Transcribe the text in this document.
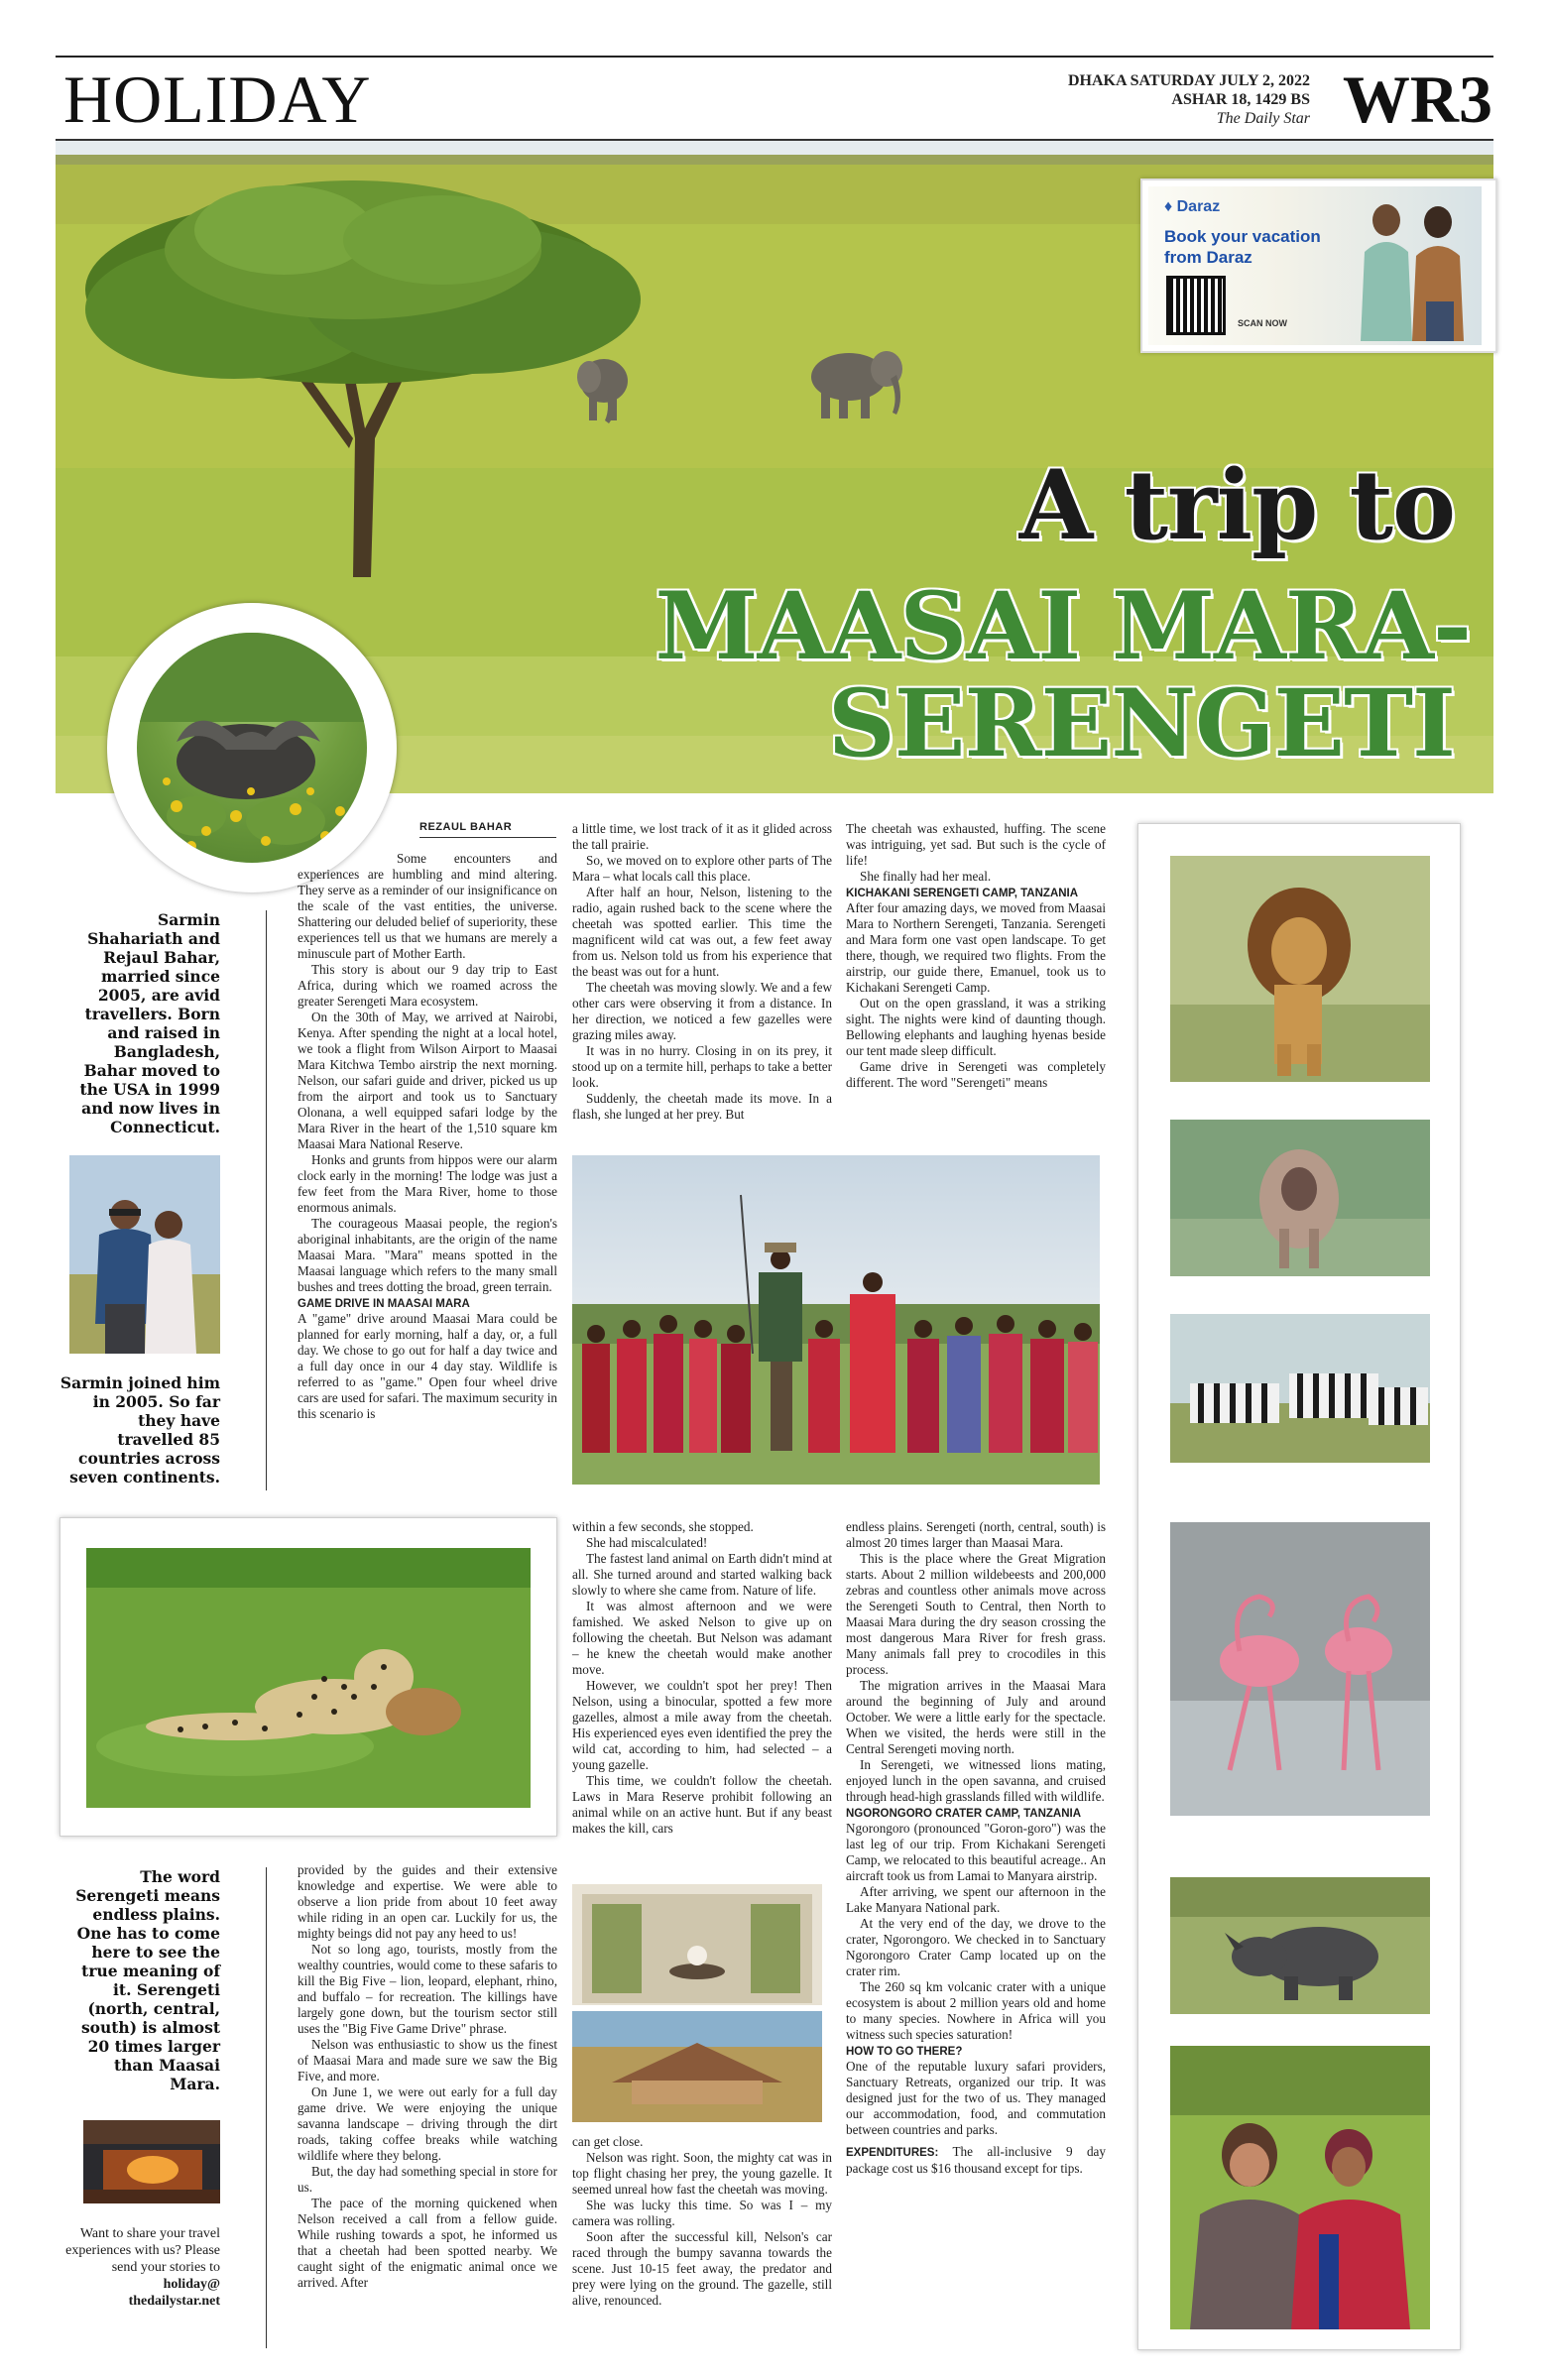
HOLIDAY	DHAKA SATURDAY JULY 2, 2022
ASHAR 18, 1429 BS
The Daily Star WR3
♦ Daraz
Book your vacation
from Daraz
SCAN NOW
A trip to
MAASAI MARA-
SERENGETI
REZAUL BAHAR
Sarmin Shahariath and Rejaul Bahar, married since 2005, are avid travellers. Born and raised in Bangladesh, Bahar moved to the USA in 1999 and now lives in Connecticut.
Sarmin joined him in 2005. So far they have travelled 85 countries across seven continents.

Some encounters and experiences are humbling and mind altering. They serve as a reminder of our insignificance on the scale of the vast entities, the universe. Shattering our deluded belief of superiority, these experiences tell us that we humans are merely a minuscule part of Mother Earth.

This story is about our 9 day trip to East Africa, during which we roamed across the greater Serengeti Mara ecosystem.

On the 30th of May, we arrived at Nairobi, Kenya. After spending the night at a local hotel, we took a flight from Wilson Airport to Maasai Mara Kitchwa Tembo airstrip the next morning. Nelson, our safari guide and driver, picked us up from the airport and took us to Sanctuary Olonana, a well equipped safari lodge by the Mara River in the heart of the 1,510 square km Maasai Mara National Reserve.

Honks and grunts from hippos were our alarm clock early in the morning! The lodge was just a few feet from the Mara River, home to those enormous animals.

The courageous Maasai people, the region's aboriginal inhabitants, are the origin of the name Maasai Mara. "Mara" means spotted in the Maasai language which refers to the many small bushes and trees dotting the broad, green terrain.

GAME DRIVE IN MAASAI MARA

A "game" drive around Maasai Mara could be planned for early morning, half a day, or, a full day. We chose to go out for half a day twice and a full day once in our 4 day stay. Wildlife is referred to as "game." Open four wheel drive cars are used for safari. The maximum security in this scenario is

a little time, we lost track of it as it glided across the tall prairie.

So, we moved on to explore other parts of The Mara – what locals call this place.

After half an hour, Nelson, listening to the radio, again rushed back to the scene where the cheetah was spotted earlier. This time the magnificent wild cat was out, a few feet away from us. Nelson told us from his experience that the beast was out for a hunt.

The cheetah was moving slowly. We and a few other cars were observing it from a distance. In her direction, we noticed a few gazelles were grazing miles away.

It was in no hurry. Closing in on its prey, it stood up on a termite hill, perhaps to take a better look.

Suddenly, the cheetah made its move. In a flash, she lunged at her prey. But

The cheetah was exhausted, huffing. The scene was intriguing, yet sad. But such is the cycle of life!

She finally had her meal.

KICHAKANI SERENGETI CAMP, TANZANIA

After four amazing days, we moved from Maasai Mara to Northern Serengeti, Tanzania. Serengeti and Mara form one vast open landscape. To get there, though, we required two flights. From the airstrip, our guide there, Emanuel, took us to Kichakani Serengeti Camp.

Out on the open grassland, it was a striking sight. The nights were kind of daunting though. Bellowing elephants and laughing hyenas beside our tent made sleep difficult.

Game drive in Serengeti was completely different. The word "Serengeti" means

The word Serengeti means endless plains. One has to come here to see the true meaning of it. Serengeti (north, central, south) is almost 20 times larger than Maasai Mara.
Want to share your travel experiences with us? Please send your stories to
holiday@
thedailystar.net

provided by the guides and their extensive knowledge and expertise. We were able to observe a lion pride from about 10 feet away while riding in an open car. Luckily for us, the mighty beings did not pay any heed to us!

Not so long ago, tourists, mostly from the wealthy countries, would come to these safaris to kill the Big Five – lion, leopard, elephant, rhino, and buffalo – for recreation. The killings have largely gone down, but the tourism sector still uses the "Big Five Game Drive" phrase.

Nelson was enthusiastic to show us the finest of Maasai Mara and made sure we saw the Big Five, and more.

On June 1, we were out early for a full day game drive. We were enjoying the unique savanna landscape – driving through the dirt roads, taking coffee breaks while watching wildlife where they belong.

But, the day had something special in store for us.

The pace of the morning quickened when Nelson received a call from a fellow guide. While rushing towards a spot, he informed us that a cheetah had been spotted nearby. We caught sight of the enigmatic animal once we arrived. After

within a few seconds, she stopped.

She had miscalculated!

The fastest land animal on Earth didn't mind at all. She turned around and started walking back slowly to where she came from. Nature of life.

It was almost afternoon and we were famished. We asked Nelson to give up on following the cheetah. But Nelson was adamant – he knew the cheetah would make another move.

However, we couldn't spot her prey! Then Nelson, using a binocular, spotted a few more gazelles, almost a mile away from the cheetah. His experienced eyes even identified the prey the wild cat, according to him, had selected – a young gazelle.

This time, we couldn't follow the cheetah. Laws in Mara Reserve prohibit following an animal while on an active hunt. But if any beast makes the kill, cars

can get close.

Nelson was right. Soon, the mighty cat was in top flight chasing her prey, the young gazelle. It seemed unreal how fast the cheetah was moving.

She was lucky this time. So was I – my camera was rolling.

Soon after the successful kill, Nelson's car raced through the bumpy savanna towards the scene. Just 10-15 feet away, the predator and prey were lying on the ground. The gazelle, still alive, renounced.

endless plains. Serengeti (north, central, south) is almost 20 times larger than Maasai Mara.

This is the place where the Great Migration starts. About 2 million wildebeests and 200,000 zebras and countless other animals move across the Serengeti South to Central, then North to Maasai Mara during the dry season crossing the most dangerous Mara River for fresh grass. Many animals fall prey to crocodiles in this process.

The migration arrives in the Maasai Mara around the beginning of July and around October. We were a little early for the spectacle. When we visited, the herds were still in the Central Serengeti moving north.

In Serengeti, we witnessed lions mating, enjoyed lunch in the open savanna, and cruised through head-high grasslands filled with wildlife.

NGORONGORO CRATER CAMP, TANZANIA

Ngorongoro (pronounced "Goron-goro") was the last leg of our trip. From Kichakani Serengeti Camp, we relocated to this beautiful acreage.. An aircraft took us from Lamai to Manyara airstrip.

After arriving, we spent our afternoon in the Lake Manyara National park.

At the very end of the day, we drove to the crater, Ngorongoro. We checked in to Sanctuary Ngorongoro Crater Camp located up on the crater rim.

The 260 sq km volcanic crater with a unique ecosystem is about 2 million years old and home to many species. Nowhere in Africa will you witness such species saturation!

HOW TO GO THERE?

One of the reputable luxury safari providers, Sanctuary Retreats, organized our trip. It was designed just for the two of us. They managed our accommodation, food, and commutation between countries and parks.

EXPENDITURES: The all-inclusive 9 day package cost us $16 thousand except for tips.
